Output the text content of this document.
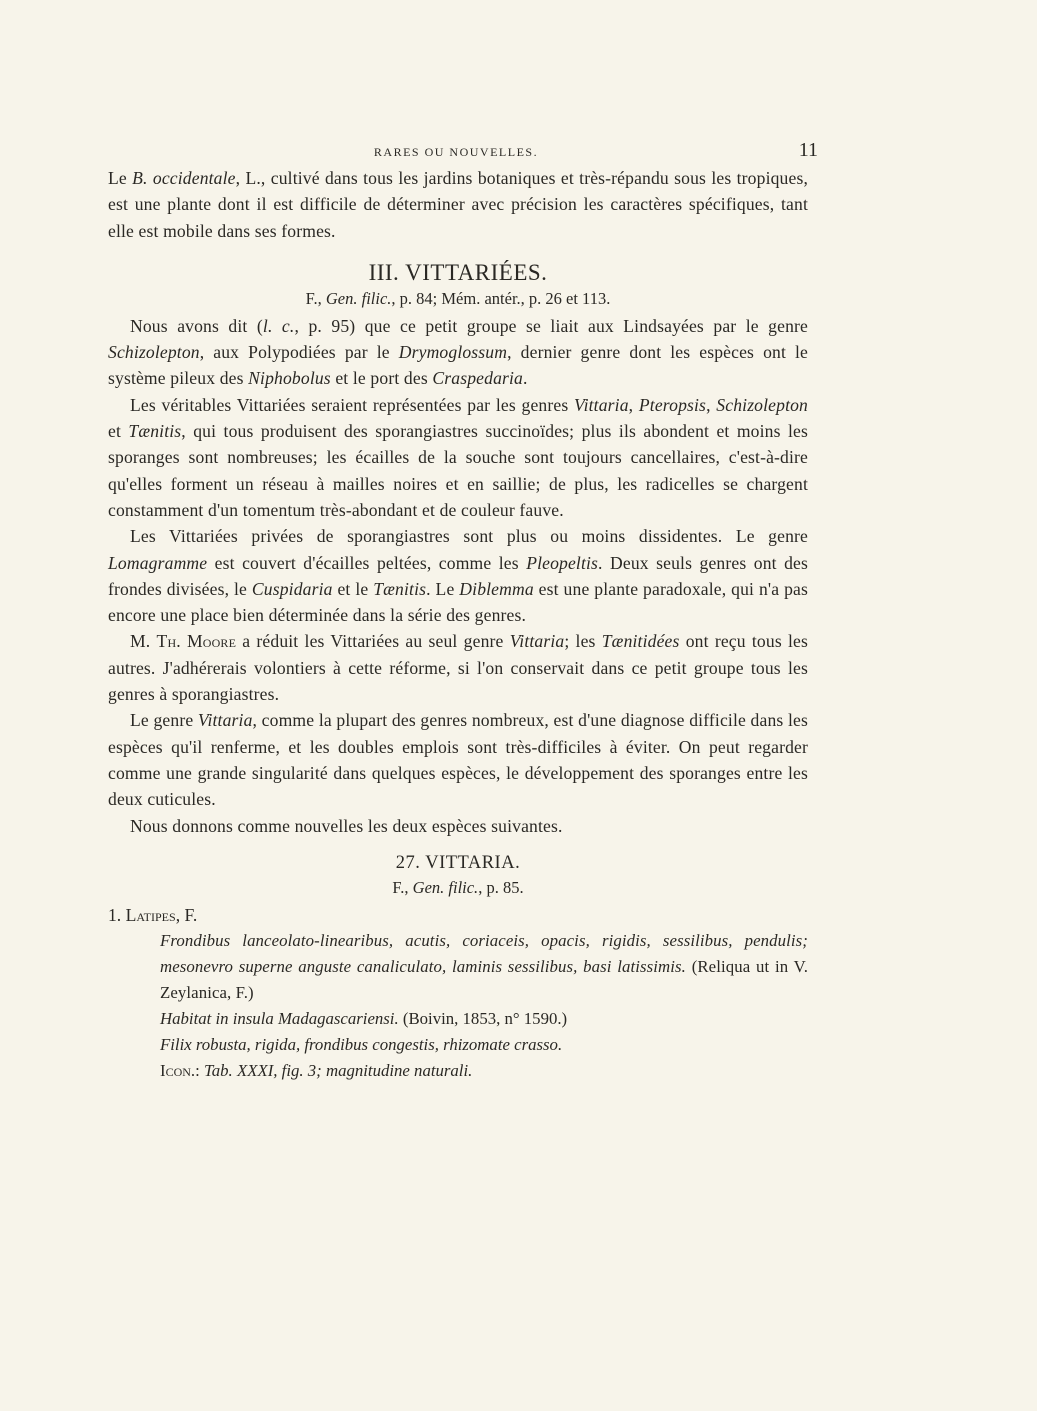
RARES OU NOUVELLES.	11

Le B. occidentale, L., cultivé dans tous les jardins botaniques et très-répandu sous les tropiques, est une plante dont il est difficile de déterminer avec précision les caractères spécifiques, tant elle est mobile dans ses formes.

III. VITTARIÉES.
F., Gen. filic., p. 84; Mém. antér., p. 26 et 113.

Nous avons dit (l. c., p. 95) que ce petit groupe se liait aux Lindsayées par le genre Schizolepton, aux Polypodiées par le Drymoglossum, dernier genre dont les espèces ont le système pileux des Niphobolus et le port des Craspedaria.

Les véritables Vittariées seraient représentées par les genres Vittaria, Pteropsis, Schizolepton et Tænitis, qui tous produisent des sporangiastres succinoïdes; plus ils abondent et moins les sporanges sont nombreuses; les écailles de la souche sont toujours cancellaires, c'est-à-dire qu'elles forment un réseau à mailles noires et en saillie; de plus, les radicelles se chargent constamment d'un tomentum très-abondant et de couleur fauve.

Les Vittariées privées de sporangiastres sont plus ou moins dissidentes. Le genre Lomagramme est couvert d'écailles peltées, comme les Pleopeltis. Deux seuls genres ont des frondes divisées, le Cuspidaria et le Tænitis. Le Diblemma est une plante paradoxale, qui n'a pas encore une place bien déterminée dans la série des genres.

M. Th. Moore a réduit les Vittariées au seul genre Vittaria; les Tænitidées ont reçu tous les autres. J'adhérerais volontiers à cette réforme, si l'on conservait dans ce petit groupe tous les genres à sporangiastres.

Le genre Vittaria, comme la plupart des genres nombreux, est d'une diagnose difficile dans les espèces qu'il renferme, et les doubles emplois sont très-difficiles à éviter. On peut regarder comme une grande singularité dans quelques espèces, le développement des sporanges entre les deux cuticules.

Nous donnons comme nouvelles les deux espèces suivantes.

27. VITTARIA.
F., Gen. filic., p. 85.

1. Latipes, F.

Frondibus lanceolato-linearibus, acutis, coriaceis, opacis, rigidis, sessilibus, pendulis; mesonevro superne anguste canaliculato, laminis sessilibus, basi latissimis. (Reliqua ut in V. Zeylanica, F.)

Habitat in insula Madagascariensi. (Boivin, 1853, n° 1590.)

Filix robusta, rigida, frondibus congestis, rhizomate crasso.

Icon.: Tab. XXXI, fig. 3; magnitudine naturali.
